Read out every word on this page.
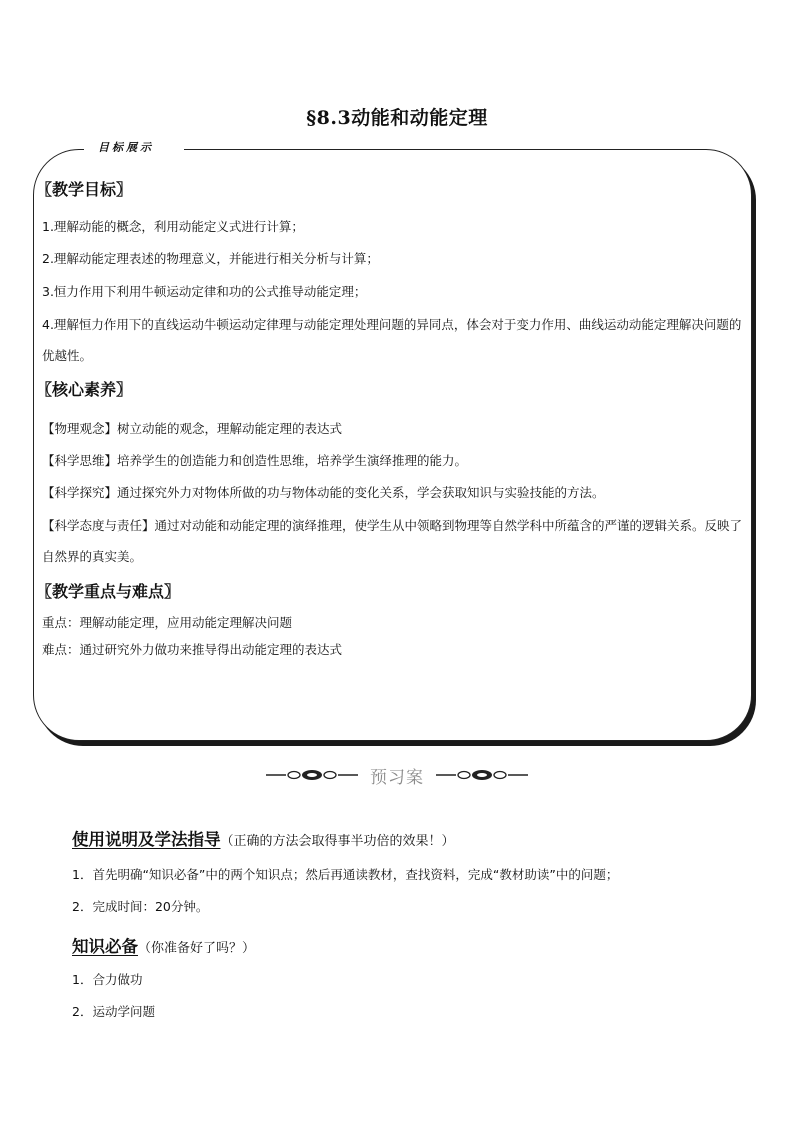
§8.3动能和动能定理
目标展示
〖教学目标〗
1.理解动能的概念，利用动能定义式进行计算；
2.理解动能定理表述的物理意义，并能进行相关分析与计算；
3.恒力作用下利用牛顿运动定律和功的公式推导动能定理；
4.理解恒力作用下的直线运动牛顿运动定律理与动能定理处理问题的异同点，体会对于变力作用、曲线运动动能定理解决问题的优越性。
〖核心素养〗
【物理观念】树立动能的观念，理解动能定理的表达式
【科学思维】培养学生的创造能力和创造性思维，培养学生演绎推理的能力。
【科学探究】通过探究外力对物体所做的功与物体动能的变化关系，学会获取知识与实验技能的方法。
【科学态度与责任】通过对动能和动能定理的演绎推理，使学生从中领略到物理等自然学科中所蕴含的严谨的逻辑关系。反映了自然界的真实美。
〖教学重点与难点〗
重点：理解动能定理，应用动能定理解决问题
难点：通过研究外力做功来推导得出动能定理的表达式
预习案
使用说明及学法指导（正确的方法会取得事半功倍的效果！）
1．首先明确“知识必备”中的两个知识点；然后再通读教材，查找资料，完成“教材助读”中的问题；
2．完成时间：20分钟。
知识必备（你准备好了吗？）
1．合力做功
2．运动学问题
